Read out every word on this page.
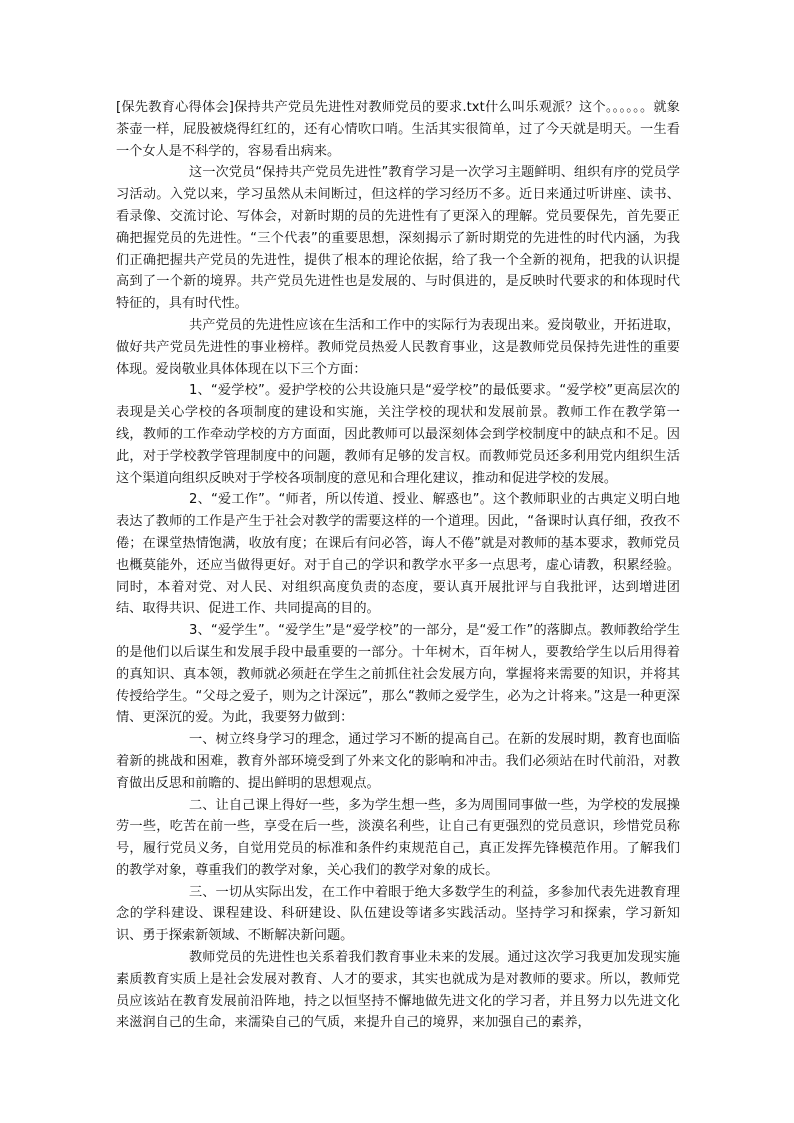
[保先教育心得体会]保持共产党员先进性对教师党员的要求.txt什么叫乐观派？这个。。。。。。就象茶壶一样，屁股被烧得红红的，还有心情吹口哨。生活其实很简单，过了今天就是明天。一生看一个女人是不科学的，容易看出病来。

这一次党员“保持共产党员先进性”教育学习是一次学习主题鲜明、组织有序的党员学习活动。入党以来，学习虽然从未间断过，但这样的学习经历不多。近日来通过听讲座、读书、看录像、交流讨论、写体会，对新时期的员的先进性有了更深入的理解。党员要保先，首先要正确把握党员的先进性。“三个代表”的重要思想，深刻揭示了新时期党的先进性的时代内涵，为我们正确把握共产党员的先进性，提供了根本的理论依据，给了我一个全新的视角，把我的认识提高到了一个新的境界。共产党员先进性也是发展的、与时俱进的，是反映时代要求的和体现时代特征的，具有时代性。

共产党员的先进性应该在生活和工作中的实际行为表现出来。爱岗敬业，开拓进取，做好共产党员先进性的事业榜样。教师党员热爱人民教育事业，这是教师党员保持先进性的重要体现。爱岗敬业具体体现在以下三个方面：

1、“爱学校”。爱护学校的公共设施只是“爱学校”的最低要求。“爱学校”更高层次的表现是关心学校的各项制度的建设和实施，关注学校的现状和发展前景。教师工作在教学第一线，教师的工作牵动学校的方方面面，因此教师可以最深刻体会到学校制度中的缺点和不足。因此，对于学校教学管理制度中的问题，教师有足够的发言权。而教师党员还多利用党内组织生活这个渠道向组织反映对于学校各项制度的意见和合理化建议，推动和促进学校的发展。

2、“爱工作”。“师者，所以传道、授业、解惑也”。这个教师职业的古典定义明白地表达了教师的工作是产生于社会对教学的需要这样的一个道理。因此，“备课时认真仔细，孜孜不倦；在课堂热情饱满，收放有度；在课后有问必答，诲人不倦”就是对教师的基本要求，教师党员也概莫能外，还应当做得更好。对于自己的学识和教学水平多一点思考，虚心请教，积累经验。同时，本着对党、对人民、对组织高度负责的态度，要认真开展批评与自我批评，达到增进团结、取得共识、促进工作、共同提高的目的。

3、“爱学生”。“爱学生”是“爱学校”的一部分，是“爱工作”的落脚点。教师教给学生的是他们以后谋生和发展手段中最重要的一部分。十年树木，百年树人，要教给学生以后用得着的真知识、真本领，教师就必须赶在学生之前抓住社会发展方向，掌握将来需要的知识，并将其传授给学生。“父母之爱子，则为之计深远”，那么“教师之爱学生，必为之计将来。”这是一种更深情、更深沉的爱。为此，我要努力做到：

一、树立终身学习的理念，通过学习不断的提高自己。在新的发展时期，教育也面临着新的挑战和困难，教育外部环境受到了外来文化的影响和冲击。我们必须站在时代前沿，对教育做出反思和前瞻的、提出鲜明的思想观点。

二、让自己课上得好一些，多为学生想一些，多为周围同事做一些，为学校的发展操劳一些，吃苦在前一些，享受在后一些，淡漠名利些，让自己有更强烈的党员意识，珍惜党员称号，履行党员义务，自觉用党员的标准和条件约束规范自己，真正发挥先锋模范作用。了解我们的教学对象，尊重我们的教学对象，关心我们的教学对象的成长。

三、一切从实际出发，在工作中着眼于绝大多数学生的利益，多参加代表先进教育理念的学科建设、课程建设、科研建设、队伍建设等诸多实践活动。坚持学习和探索，学习新知识、勇于探索新领域、不断解决新问题。

教师党员的先进性也关系着我们教育事业未来的发展。通过这次学习我更加发现实施素质教育实质上是社会发展对教育、人才的要求，其实也就成为是对教师的要求。所以，教师党员应该站在教育发展前沿阵地，持之以恒坚持不懈地做先进文化的学习者，并且努力以先进文化来滋润自己的生命，来濡染自己的气质，来提升自己的境界，来加强自己的素养，
